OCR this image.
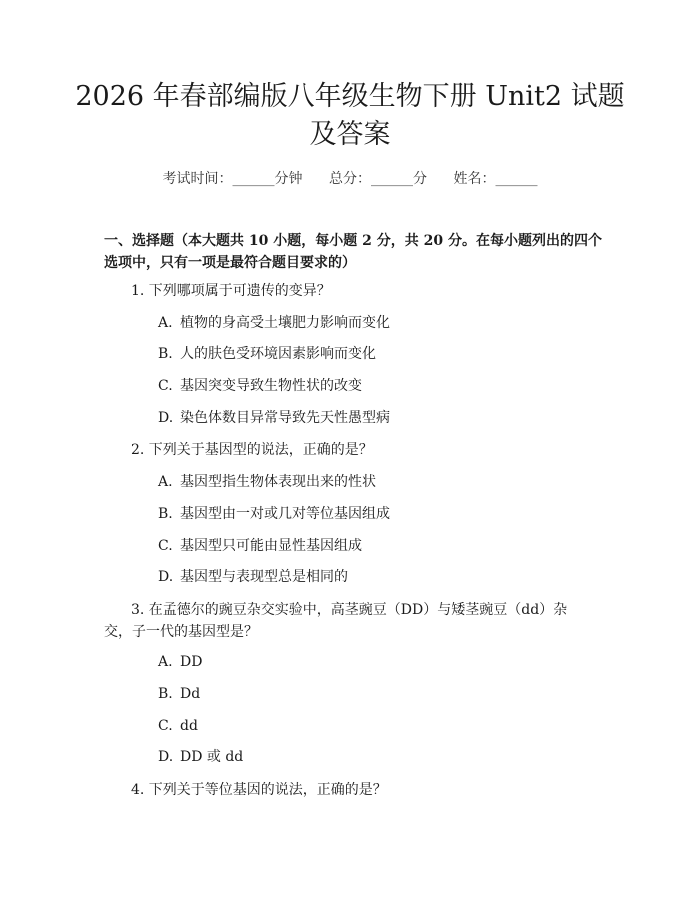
2026 年春部编版八年级生物下册 Unit2 试题
及答案
考试时间：______分钟 总分：______分 姓名：______

一、选择题（本大题共 10 小题，每小题 2 分，共 20 分。在每小题列出的四个选项中，只有一项是最符合题目要求的）

1. 下列哪项属于可遗传的变异？

A. 植物的身高受土壤肥力影响而变化

B. 人的肤色受环境因素影响而变化

C. 基因突变导致生物性状的改变

D. 染色体数目异常导致先天性愚型病

2. 下列关于基因型的说法，正确的是？

A. 基因型指生物体表现出来的性状

B. 基因型由一对或几对等位基因组成

C. 基因型只可能由显性基因组成

D. 基因型与表现型总是相同的

3. 在孟德尔的豌豆杂交实验中，高茎豌豆（DD）与矮茎豌豆（dd）杂交，子一代的基因型是？

A. DD

B. Dd

C. dd

D. DD 或 dd

4. 下列关于等位基因的说法，正确的是？
